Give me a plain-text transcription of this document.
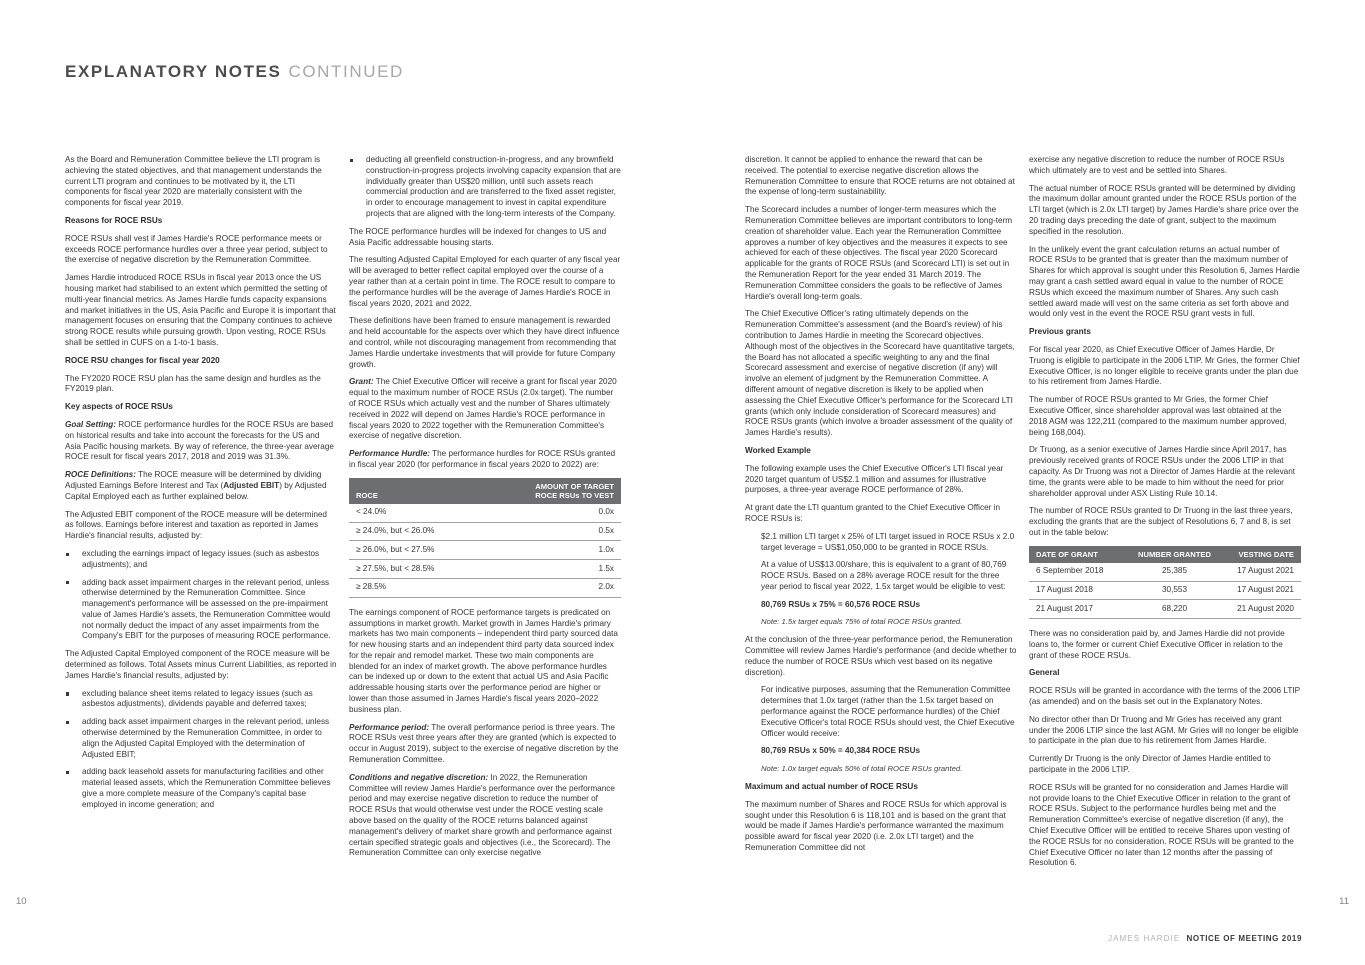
EXPLANATORY NOTES CONTINUED

As the Board and Remuneration Committee believe the LTI program is achieving the stated objectives, and that management understands the current LTI program and continues to be motivated by it, the LTI components for fiscal year 2020 are materially consistent with the components for fiscal year 2019.

Reasons for ROCE RSUs

ROCE RSUs shall vest if James Hardie's ROCE performance meets or exceeds ROCE performance hurdles over a three year period, subject to the exercise of negative discretion by the Remuneration Committee.

James Hardie introduced ROCE RSUs in fiscal year 2013 once the US housing market had stabilised to an extent which permitted the setting of multi-year financial metrics. As James Hardie funds capacity expansions and market initiatives in the US, Asia Pacific and Europe it is important that management focuses on ensuring that the Company continues to achieve strong ROCE results while pursuing growth. Upon vesting, ROCE RSUs shall be settled in CUFS on a 1-to-1 basis.

ROCE RSU changes for fiscal year 2020

The FY2020 ROCE RSU plan has the same design and hurdles as the FY2019 plan.

Key aspects of ROCE RSUs

Goal Setting: ROCE performance hurdles for the ROCE RSUs are based on historical results and take into account the forecasts for the US and Asia Pacific housing markets. By way of reference, the three-year average ROCE result for fiscal years 2017, 2018 and 2019 was 31.3%.

ROCE Definitions: The ROCE measure will be determined by dividing Adjusted Earnings Before Interest and Tax (Adjusted EBIT) by Adjusted Capital Employed each as further explained below.

The Adjusted EBIT component of the ROCE measure will be determined as follows. Earnings before interest and taxation as reported in James Hardie's financial results, adjusted by:

excluding the earnings impact of legacy issues (such as asbestos adjustments); and
adding back asset impairment charges in the relevant period, unless otherwise determined by the Remuneration Committee. Since management's performance will be assessed on the pre-impairment value of James Hardie's assets, the Remuneration Committee would not normally deduct the impact of any asset impairments from the Company's EBIT for the purposes of measuring ROCE performance.

The Adjusted Capital Employed component of the ROCE measure will be determined as follows. Total Assets minus Current Liabilities, as reported in James Hardie's financial results, adjusted by:

excluding balance sheet items related to legacy issues (such as asbestos adjustments), dividends payable and deferred taxes;
adding back asset impairment charges in the relevant period, unless otherwise determined by the Remuneration Committee, in order to align the Adjusted Capital Employed with the determination of Adjusted EBIT;
adding back leasehold assets for manufacturing facilities and other material leased assets, which the Remuneration Committee believes give a more complete measure of the Company's capital base employed in income generation; and
deducting all greenfield construction-in-progress, and any brownfield construction-in-progress projects involving capacity expansion that are individually greater than US$20 million, until such assets reach commercial production and are transferred to the fixed asset register, in order to encourage management to invest in capital expenditure projects that are aligned with the long-term interests of the Company.

The ROCE performance hurdles will be indexed for changes to US and Asia Pacific addressable housing starts.

The resulting Adjusted Capital Employed for each quarter of any fiscal year will be averaged to better reflect capital employed over the course of a year rather than at a certain point in time. The ROCE result to compare to the performance hurdles will be the average of James Hardie's ROCE in fiscal years 2020, 2021 and 2022.

These definitions have been framed to ensure management is rewarded and held accountable for the aspects over which they have direct influence and control, while not discouraging management from recommending that James Hardie undertake investments that will provide for future Company growth.

Grant: The Chief Executive Officer will receive a grant for fiscal year 2020 equal to the maximum number of ROCE RSUs (2.0x target). The number of ROCE RSUs which actually vest and the number of Shares ultimately received in 2022 will depend on James Hardie's ROCE performance in fiscal years 2020 to 2022 together with the Remuneration Committee's exercise of negative discretion.

Performance Hurdle: The performance hurdles for ROCE RSUs granted in fiscal year 2020 (for performance in fiscal years 2020 to 2022) are:

ROCE	AMOUNT OF TARGET ROCE RSUs TO VEST
< 24.0%	0.0x
≥ 24.0%, but < 26.0%	0.5x
≥ 26.0%, but < 27.5%	1.0x
≥ 27.5%, but < 28.5%	1.5x
≥ 28.5%	2.0x

The earnings component of ROCE performance targets is predicated on assumptions in market growth. Market growth in James Hardie's primary markets has two main components – independent third party sourced data for new housing starts and an independent third party data sourced index for the repair and remodel market. These two main components are blended for an index of market growth. The above performance hurdles can be indexed up or down to the extent that actual US and Asia Pacific addressable housing starts over the performance period are higher or lower than those assumed in James Hardie's fiscal years 2020–2022 business plan.

Performance period: The overall performance period is three years. The ROCE RSUs vest three years after they are granted (which is expected to occur in August 2019), subject to the exercise of negative discretion by the Remuneration Committee.

Conditions and negative discretion: In 2022, the Remuneration Committee will review James Hardie's performance over the performance period and may exercise negative discretion to reduce the number of ROCE RSUs that would otherwise vest under the ROCE vesting scale above based on the quality of the ROCE returns balanced against management's delivery of market share growth and performance against certain specified strategic goals and objectives (i.e., the Scorecard). The Remuneration Committee can only exercise negative

discretion. It cannot be applied to enhance the reward that can be received. The potential to exercise negative discretion allows the Remuneration Committee to ensure that ROCE returns are not obtained at the expense of long-term sustainability.

The Scorecard includes a number of longer-term measures which the Remuneration Committee believes are important contributors to long-term creation of shareholder value. Each year the Remuneration Committee approves a number of key objectives and the measures it expects to see achieved for each of these objectives. The fiscal year 2020 Scorecard applicable for the grants of ROCE RSUs (and Scorecard LTI) is set out in the Remuneration Report for the year ended 31 March 2019. The Remuneration Committee considers the goals to be reflective of James Hardie's overall long-term goals.

The Chief Executive Officer's rating ultimately depends on the Remuneration Committee's assessment (and the Board's review) of his contribution to James Hardie in meeting the Scorecard objectives. Although most of the objectives in the Scorecard have quantitative targets, the Board has not allocated a specific weighting to any and the final Scorecard assessment and exercise of negative discretion (if any) will involve an element of judgment by the Remuneration Committee. A different amount of negative discretion is likely to be applied when assessing the Chief Executive Officer's performance for the Scorecard LTI grants (which only include consideration of Scorecard measures) and ROCE RSUs grants (which involve a broader assessment of the quality of James Hardie's results).

Worked Example

The following example uses the Chief Executive Officer's LTI fiscal year 2020 target quantum of US$2.1 million and assumes for illustrative purposes, a three-year average ROCE performance of 28%.

At grant date the LTI quantum granted to the Chief Executive Officer in ROCE RSUs is:

$2.1 million LTI target x 25% of LTI target issued in ROCE RSUs x 2.0 target leverage = US$1,050,000 to be granted in ROCE RSUs.

At a value of US$13.00/share, this is equivalent to a grant of 80,769 ROCE RSUs. Based on a 28% average ROCE result for the three year period to fiscal year 2022, 1.5x target would be eligible to vest:

80,769 RSUs x 75% = 60,576 ROCE RSUs

Note: 1.5x target equals 75% of total ROCE RSUs granted.

At the conclusion of the three-year performance period, the Remuneration Committee will review James Hardie's performance (and decide whether to reduce the number of ROCE RSUs which vest based on its negative discretion).

For indicative purposes, assuming that the Remuneration Committee determines that 1.0x target (rather than the 1.5x target based on performance against the ROCE performance hurdles) of the Chief Executive Officer's total ROCE RSUs should vest, the Chief Executive Officer would receive:

80,769 RSUs x 50% = 40,384 ROCE RSUs

Note: 1.0x target equals 50% of total ROCE RSUs granted.

Maximum and actual number of ROCE RSUs

The maximum number of Shares and ROCE RSUs for which approval is sought under this Resolution 6 is 118,101 and is based on the grant that would be made if James Hardie's performance warranted the maximum possible award for fiscal year 2020 (i.e. 2.0x LTI target) and the Remuneration Committee did not

exercise any negative discretion to reduce the number of ROCE RSUs which ultimately are to vest and be settled into Shares.

The actual number of ROCE RSUs granted will be determined by dividing the maximum dollar amount granted under the ROCE RSUs portion of the LTI target (which is 2.0x LTI target) by James Hardie's share price over the 20 trading days preceding the date of grant, subject to the maximum specified in the resolution.

In the unlikely event the grant calculation returns an actual number of ROCE RSUs to be granted that is greater than the maximum number of Shares for which approval is sought under this Resolution 6, James Hardie may grant a cash settled award equal in value to the number of ROCE RSUs which exceed the maximum number of Shares. Any such cash settled award made will vest on the same criteria as set forth above and would only vest in the event the ROCE RSU grant vests in full.

Previous grants

For fiscal year 2020, as Chief Executive Officer of James Hardie, Dr Truong is eligible to participate in the 2006 LTIP. Mr Gries, the former Chief Executive Officer, is no longer eligible to receive grants under the plan due to his retirement from James Hardie.

The number of ROCE RSUs granted to Mr Gries, the former Chief Executive Officer, since shareholder approval was last obtained at the 2018 AGM was 122,211 (compared to the maximum number approved, being 168,004).

Dr Truong, as a senior executive of James Hardie since April 2017, has previously received grants of ROCE RSUs under the 2006 LTIP in that capacity. As Dr Truong was not a Director of James Hardie at the relevant time, the grants were able to be made to him without the need for prior shareholder approval under ASX Listing Rule 10.14.

The number of ROCE RSUs granted to Dr Truong in the last three years, excluding the grants that are the subject of Resolutions 6, 7 and 8, is set out in the table below:

DATE OF GRANT	NUMBER GRANTED	VESTING DATE
6 September 2018	25,385	17 August 2021
17 August 2018	30,553	17 August 2021
21 August 2017	68,220	21 August 2020

There was no consideration paid by, and James Hardie did not provide loans to, the former or current Chief Executive Officer in relation to the grant of these ROCE RSUs.

General

ROCE RSUs will be granted in accordance with the terms of the 2006 LTIP (as amended) and on the basis set out in the Explanatory Notes.

No director other than Dr Truong and Mr Gries has received any grant under the 2006 LTIP since the last AGM. Mr Gries will no longer be eligible to participate in the plan due to his retirement from James Hardie.

Currently Dr Truong is the only Director of James Hardie entitled to participate in the 2006 LTIP.

ROCE RSUs will be granted for no consideration and James Hardie will not provide loans to the Chief Executive Officer in relation to the grant of ROCE RSUs. Subject to the performance hurdles being met and the Remuneration Committee's exercise of negative discretion (if any), the Chief Executive Officer will be entitled to receive Shares upon vesting of the ROCE RSUs for no consideration. ROCE RSUs will be granted to the Chief Executive Officer no later than 12 months after the passing of Resolution 6.

10	11
JAMES HARDIE NOTICE OF MEETING 2019
